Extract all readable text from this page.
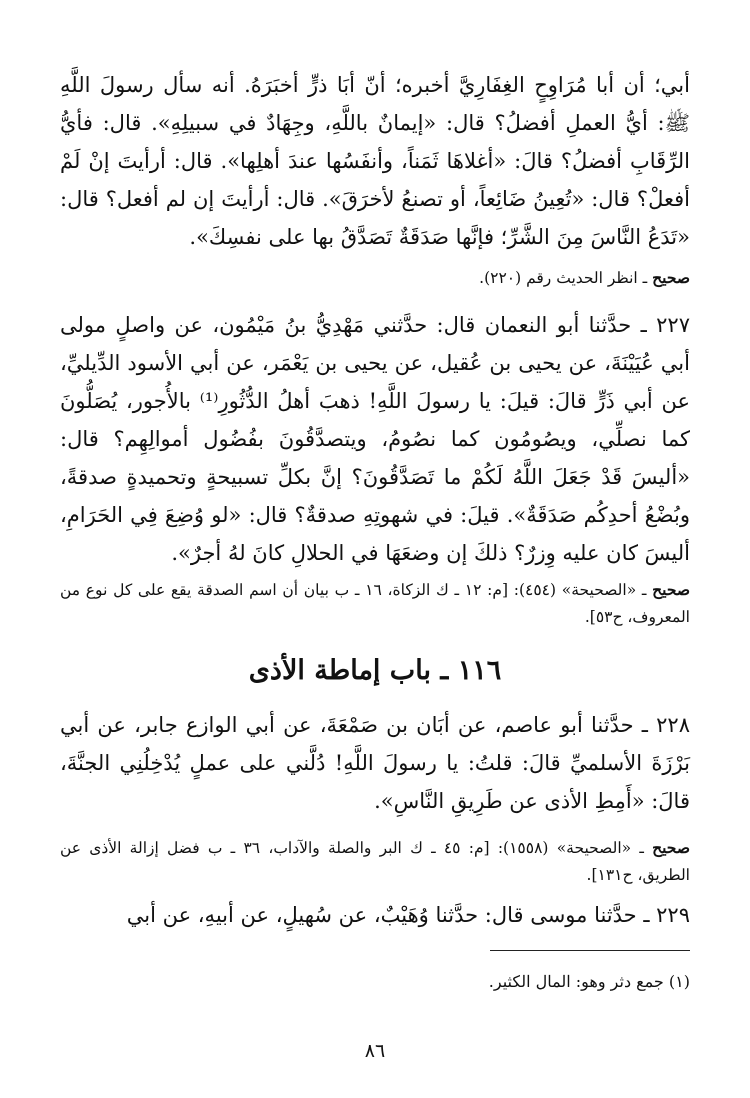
أبي؛ أن أبا مُرَاوِحٍ الغِفَارِيَّ أخبره؛ أنّ أبَا ذرٍّ أخبَرَهُ. أنه سأل رسولَ اللَّهِ ﷺ: أيُّ العملِ أفضلُ؟ قال: «إيمانٌ باللَّهِ، وجِهَادٌ في سبيلِهِ». قال: فأيُّ الرِّقَابِ أفضلُ؟ قالَ: «أغلاهَا ثَمَناً، وأنفَسُها عندَ أهلِها». قال: أرأيتَ إنْ لَمْ أفعلْ؟ قال: «تُعِينُ ضَائِعاً، أو تصنعُ لأخرَقَ». قال: أرأيتَ إن لم أفعل؟ قال: «تَدَعُ النَّاسَ مِنَ الشَّرِّ؛ فإنَّها صَدَقَةٌ تَصَدَّقُ بها على نفسِكَ».

صحيح ـ انظر الحديث رقم (٢٢٠).

٢٢٧ ـ حدَّثنا أبو النعمان قال: حدَّثني مَهْدِيُّ بنُ مَيْمُون، عن واصلٍ مولى أبي عُيَيْنَةَ، عن يحيى بن عُقيل، عن يحيى بن يَعْمَر، عن أبي الأسود الدِّيليِّ، عن أبي ذَرٍّ قالَ: قيلَ: يا رسولَ اللَّهِ! ذهبَ أهلُ الدُّثُورِ⁽¹⁾ بالأُجور، يُصَلُّونَ كما نصلِّي، ويصُومُون كما نصُومُ، ويتصدَّقُونَ بفُضُول أموالِهِم؟ قال: «أليسَ قَدْ جَعَلَ اللَّهُ لَكُمْ ما تَصَدَّقُونَ؟ إنَّ بكلِّ تسبيحةٍ وتحميدةٍ صدقةً، وبُضْعُ أحدِكُم صَدَقَةٌ». قيلَ: في شهوتِهِ صدقةٌ؟ قال: «لو وُضِعَ فِي الحَرَامِ، أليسَ كان عليه وِزرٌ؟ ذلكَ إن وضعَهَا في الحلالِ كانَ لهُ أجرٌ».

صحيح ـ «الصحيحة» (٤٥٤): [م: ١٢ ـ ك الزكاة، ١٦ ـ ب بيان أن اسم الصدقة يقع على كل نوع من المعروف، ح٥٣].

١١٦ ـ باب إماطة الأذى

٢٢٨ ـ حدَّثنا أبو عاصم، عن أبَان بن صَمْعَةَ، عن أبي الوازع جابر، عن أبي بَرْزَةَ الأسلميِّ قالَ: قلتُ: يا رسولَ اللَّهِ! دُلَّني على عملٍ يُدْخِلُنِي الجنَّةَ، قالَ: «أَمِطِ الأذى عن طَرِيقِ النَّاسِ».

صحيح ـ «الصحيحة» (١٥٥٨): [م: ٤٥ ـ ك البر والصلة والآداب، ٣٦ ـ ب فضل إزالة الأذى عن الطريق، ح١٣١].

٢٢٩ ـ حدَّثنا موسى قال: حدَّثنا وُهَيْبٌ، عن سُهيلٍ، عن أبيهِ، عن أبي

(١) جمع دثر وهو: المال الكثير.

٨٦
